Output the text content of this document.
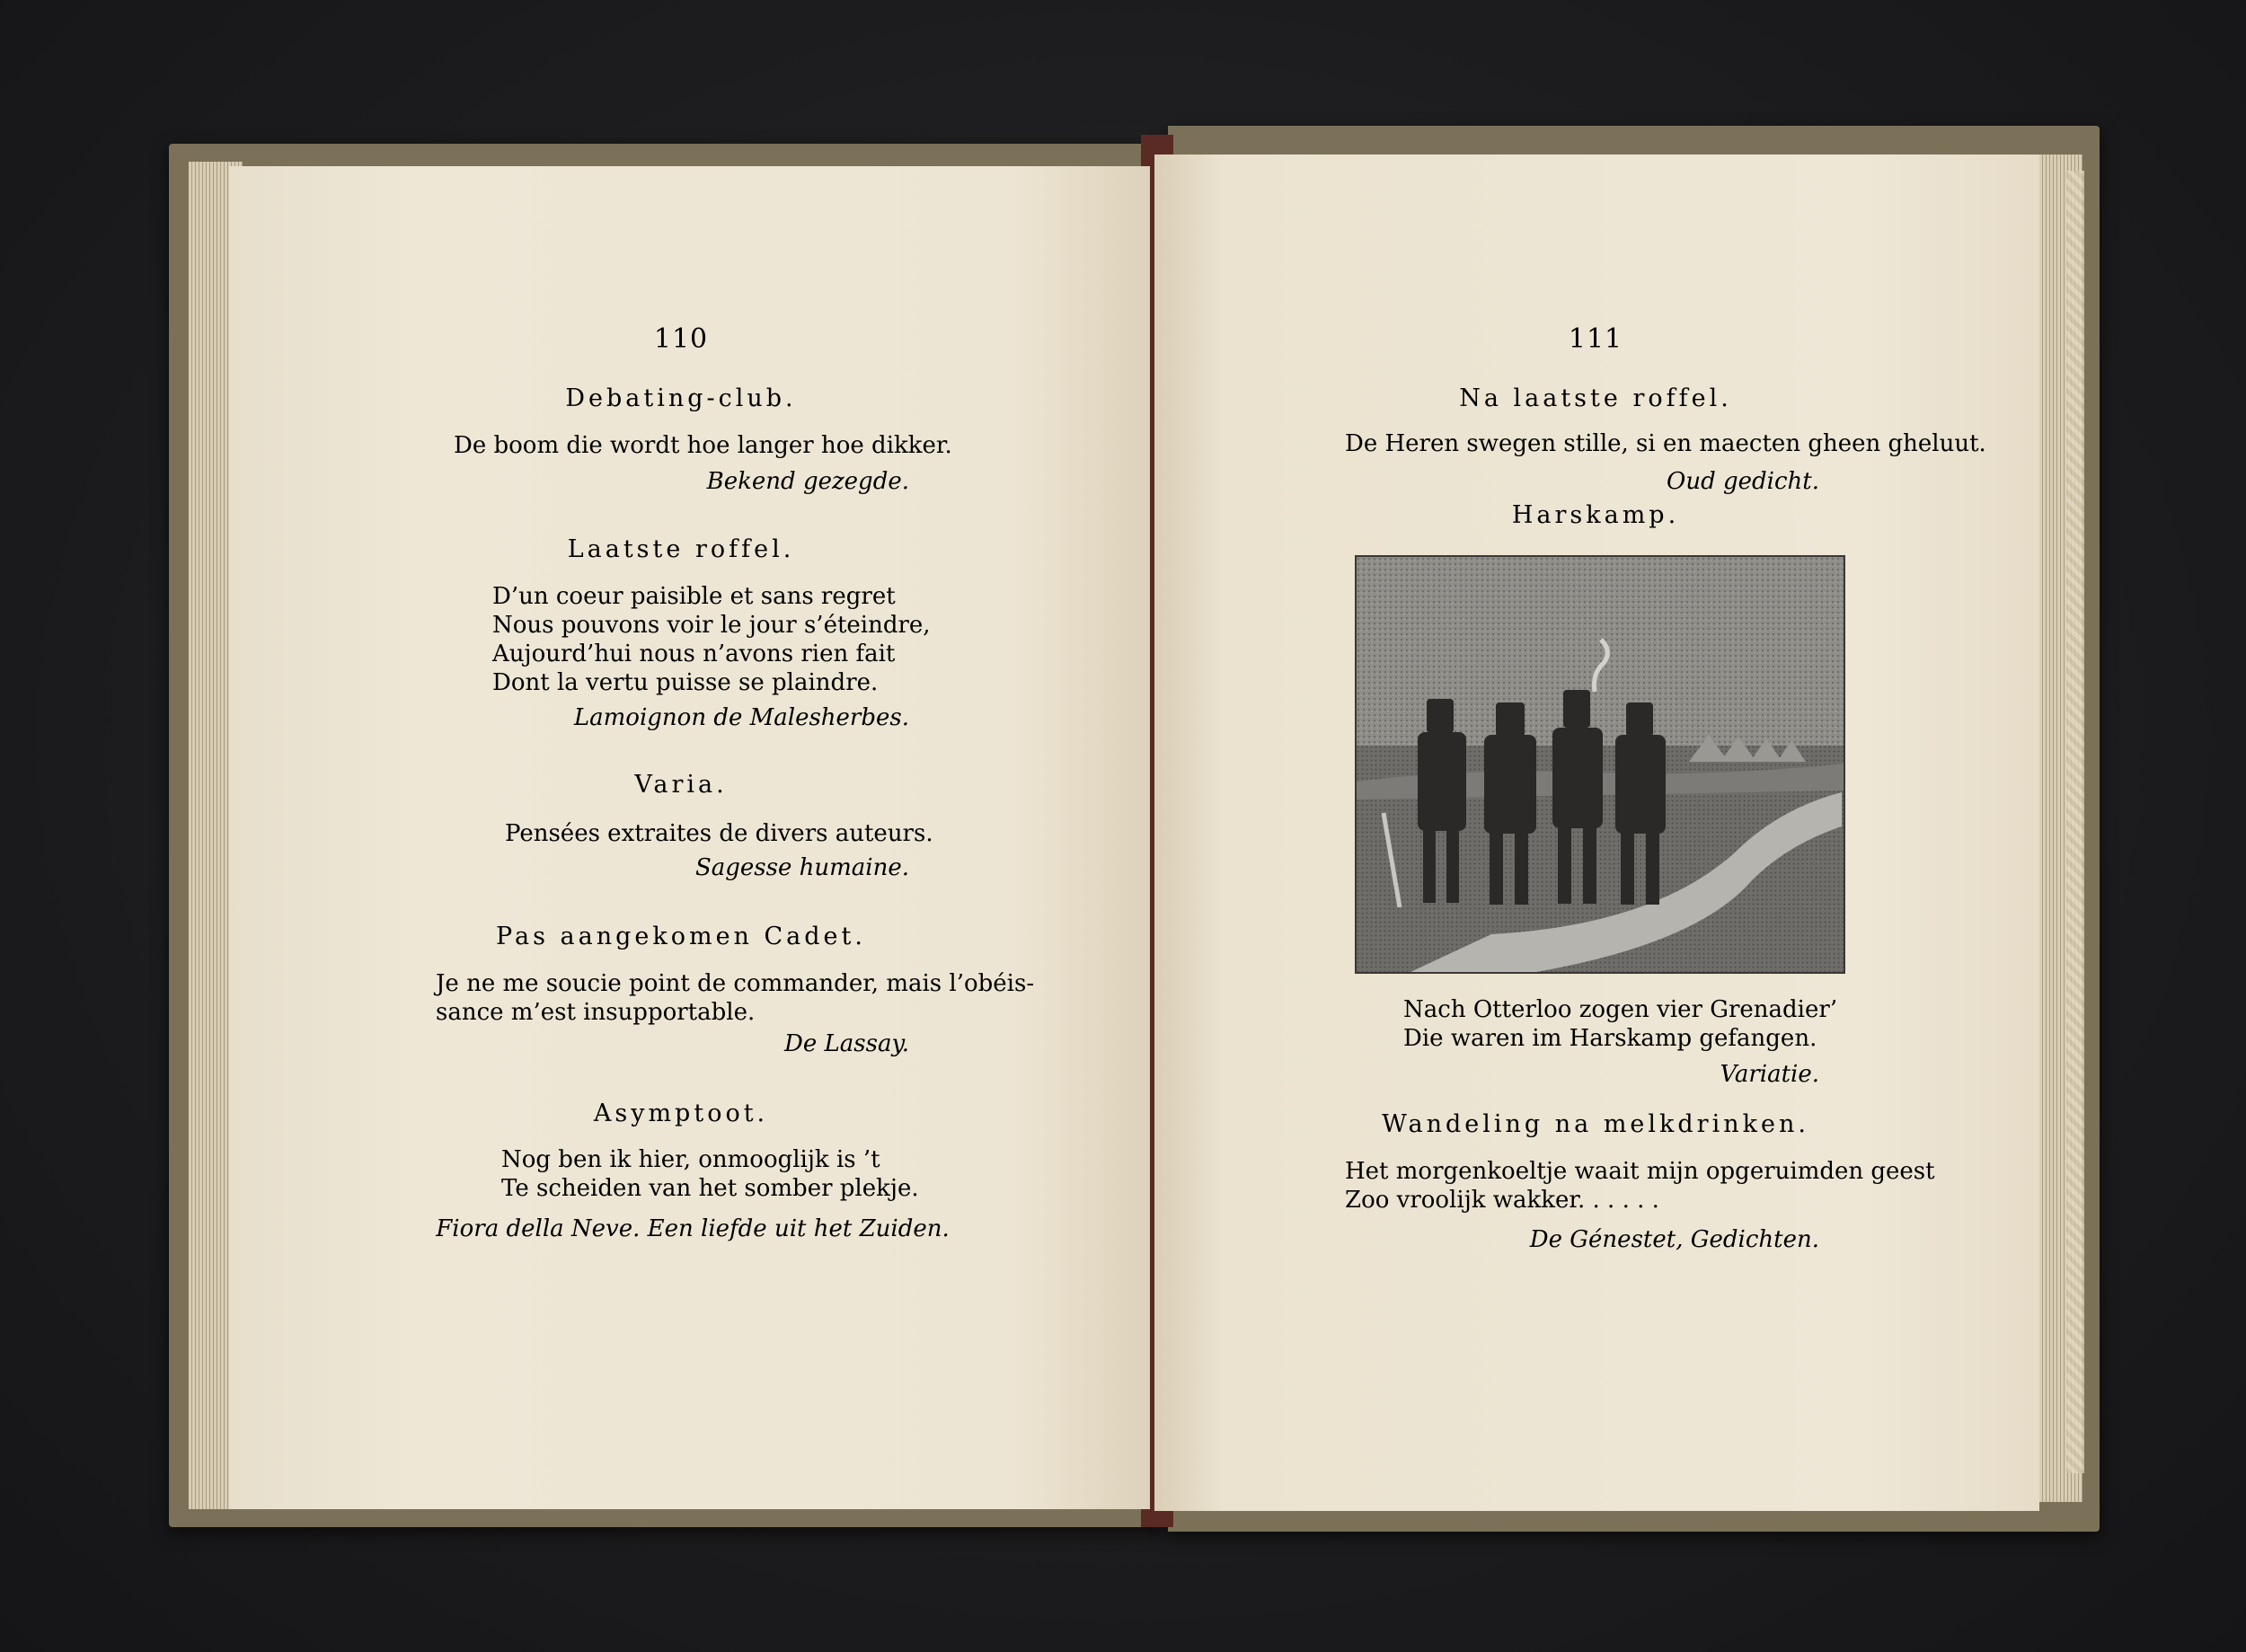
110
Debating-club.
De boom die wordt hoe langer hoe dikker.
Bekend gezegde.
Laatste roffel.
D’un coeur paisible et sans regret
Nous pouvons voir le jour s’éteindre,
Aujourd’hui nous n’avons rien fait
Dont la vertu puisse se plaindre.
Lamoignon de Malesherbes.
Varia.
Pensées extraites de divers auteurs.
Sagesse humaine.
Pas aangekomen Cadet.
Je ne me soucie point de commander, mais l’obéis-
sance m’est insupportable.
De Lassay.
Asymptoot.
Nog ben ik hier, onmooglijk is ’t
Te scheiden van het somber plekje.
Fiora della Neve. Een liefde uit het Zuiden.
111
Na laatste roffel.
De Heren swegen stille, si en maecten gheen gheluut.
Oud gedicht.
Harskamp.
Nach Otterloo zogen vier Grenadier’
Die waren im Harskamp gefangen.
Variatie.
Wandeling na melkdrinken.
Het morgenkoeltje waait mijn opgeruimden geest
Zoo vroolijk wakker. . . . . .
De Génestet, Gedichten.
